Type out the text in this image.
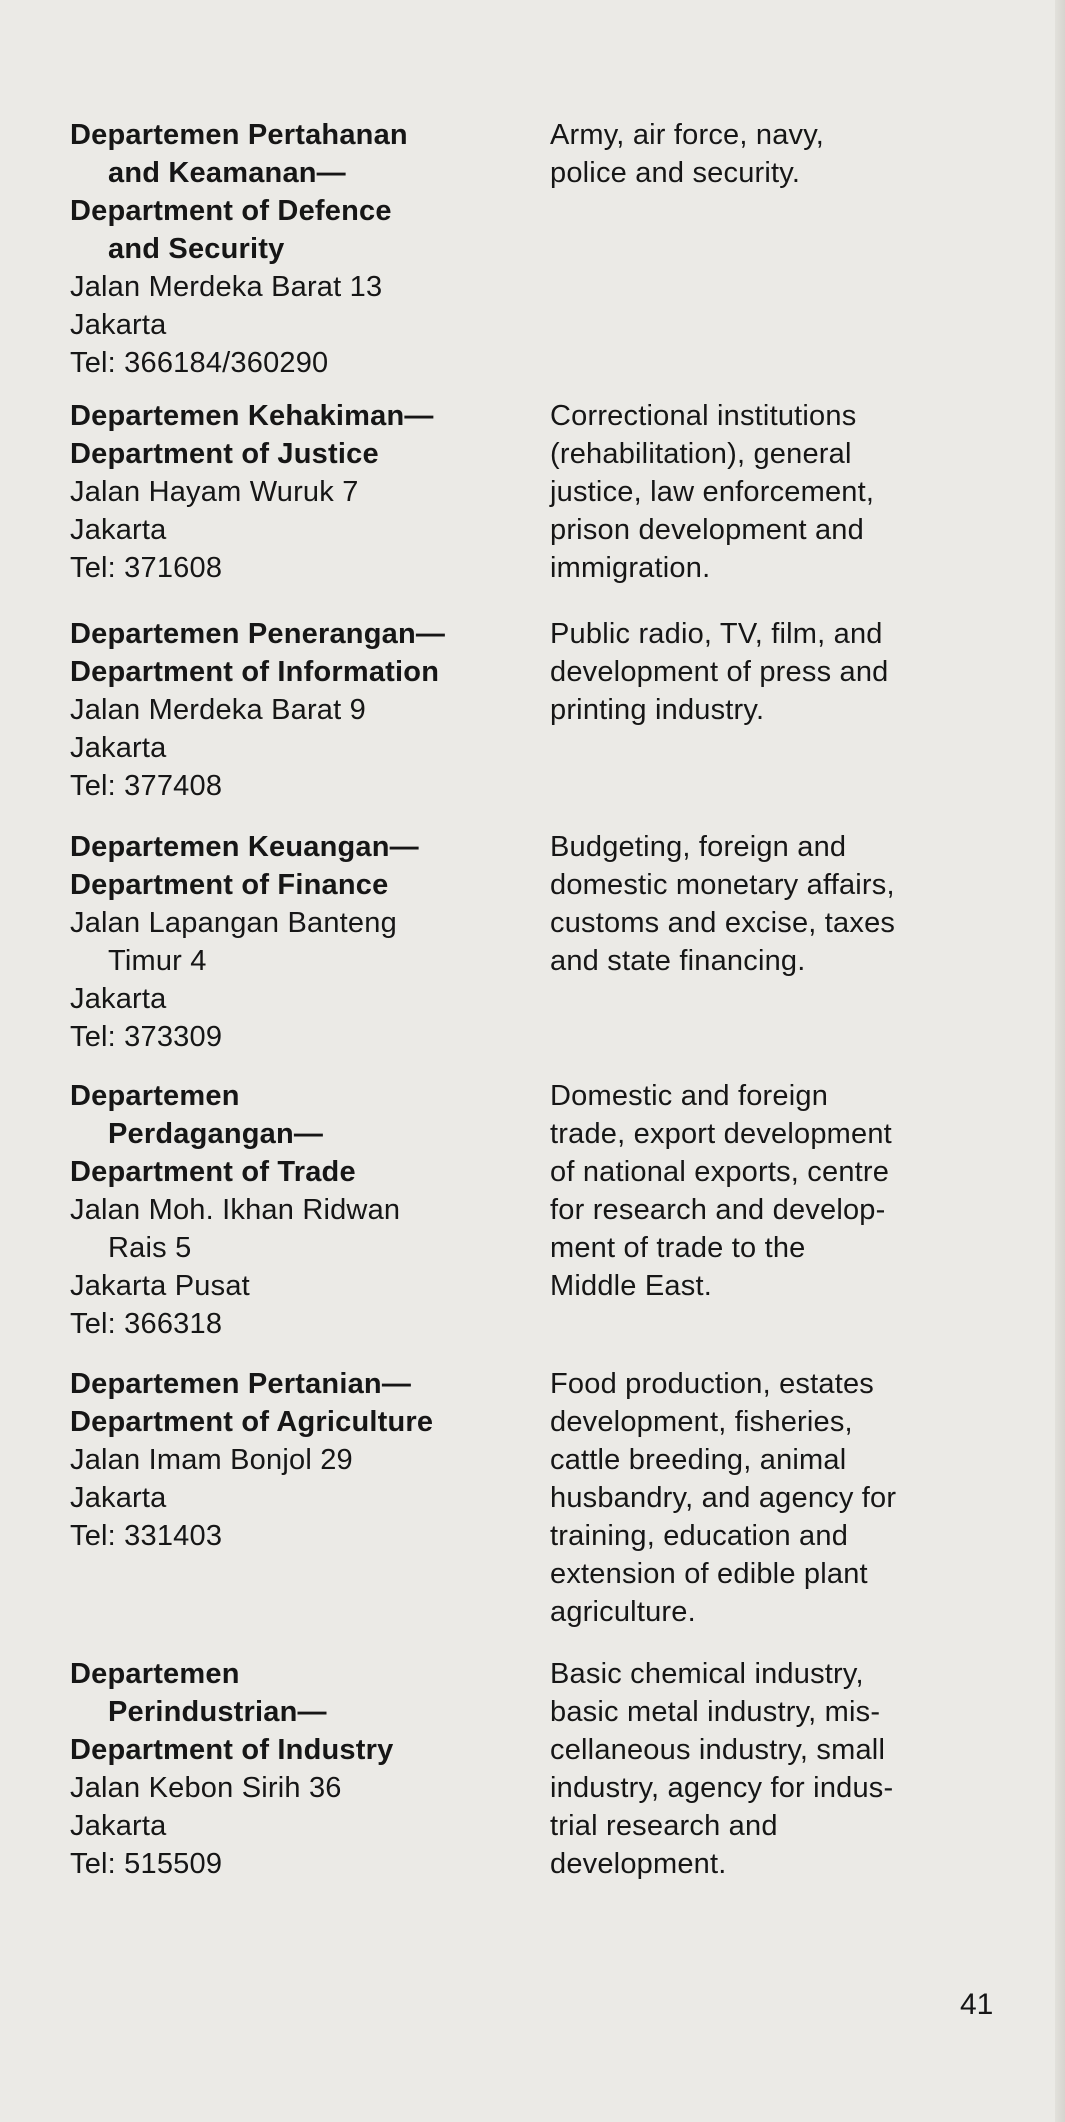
Departemen Pertahanan
and Keamanan—
Department of Defence
and Security
Jalan Merdeka Barat 13
Jakarta
Tel: 366184/360290
Army, air force, navy,
police and security.
Departemen Kehakiman—
Department of Justice
Jalan Hayam Wuruk 7
Jakarta
Tel: 371608
Correctional institutions
(rehabilitation), general
justice, law enforcement,
prison development and
immigration.
Departemen Penerangan—
Department of Information
Jalan Merdeka Barat 9
Jakarta
Tel: 377408
Public radio, TV, film, and
development of press and
printing industry.
Departemen Keuangan—
Department of Finance
Jalan Lapangan Banteng
Timur 4
Jakarta
Tel: 373309
Budgeting, foreign and
domestic monetary affairs,
customs and excise, taxes
and state financing.
Departemen
Perdagangan—
Department of Trade
Jalan Moh. Ikhan Ridwan
Rais 5
Jakarta Pusat
Tel: 366318
Domestic and foreign
trade, export development
of national exports, centre
for research and develop-
ment of trade to the
Middle East.
Departemen Pertanian—
Department of Agriculture
Jalan Imam Bonjol 29
Jakarta
Tel: 331403
Food production, estates
development, fisheries,
cattle breeding, animal
husbandry, and agency for
training, education and
extension of edible plant
agriculture.
Departemen
Perindustrian—
Department of Industry
Jalan Kebon Sirih 36
Jakarta
Tel: 515509
Basic chemical industry,
basic metal industry, mis-
cellaneous industry, small
industry, agency for indus-
trial research and
development.
41
